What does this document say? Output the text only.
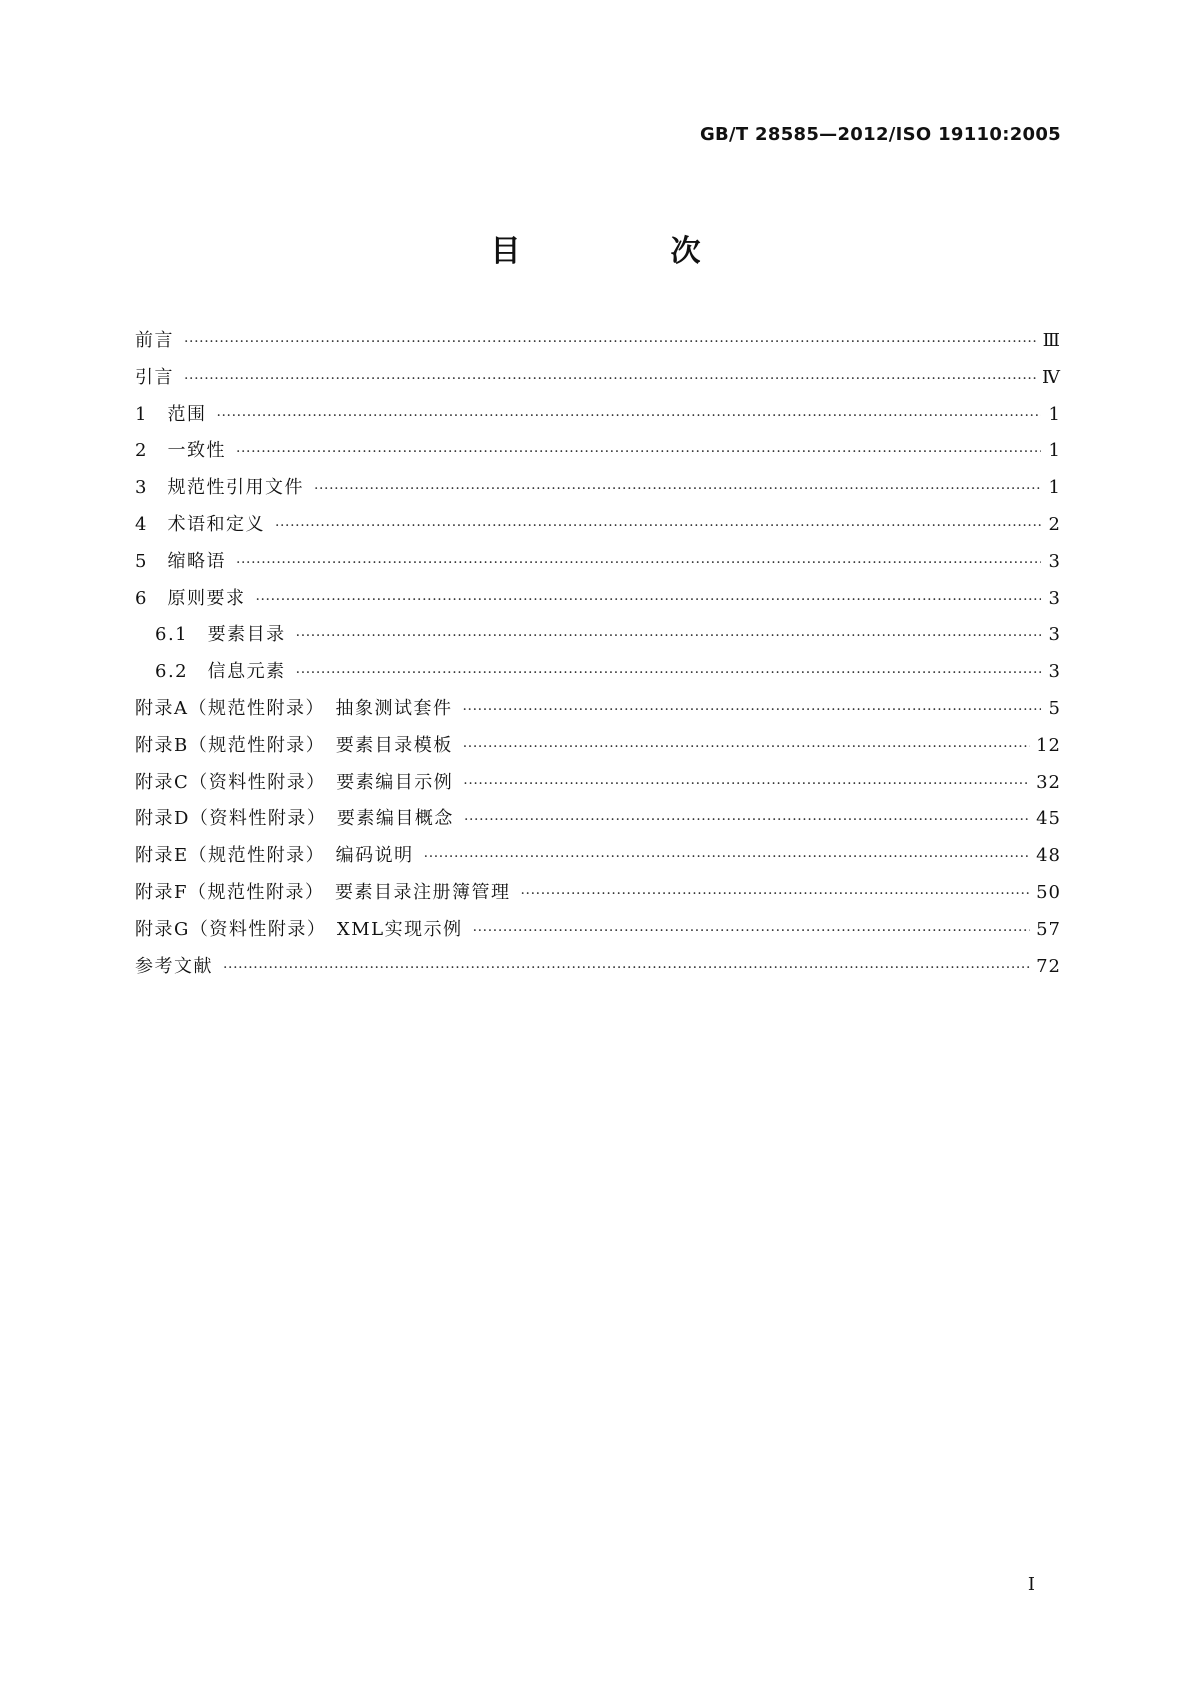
GB/T 28585—2012/ISO 19110:2005
目　次
前言 ·····	Ⅲ
引言 ·····	Ⅳ
1　范围 ·····	1
2　一致性 ·····	1
3　规范性引用文件 ·····	1
4　术语和定义 ·····	2
5　缩略语 ·····	3
6　原则要求 ·····	3
6.1　要素目录 ·····	3
6.2　信息元素 ·····	3
附录A（规范性附录）　抽象测试套件 ·····	5
附录B（规范性附录）　要素目录模板 ·····	12
附录C（资料性附录）　要素编目示例 ·····	32
附录D（资料性附录）　要素编目概念 ·····	45
附录E（规范性附录）　编码说明 ·····	48
附录F（规范性附录）　要素目录注册簿管理 ·····	50
附录G（资料性附录）　XML实现示例 ·····	57
参考文献 ·····	72
I
